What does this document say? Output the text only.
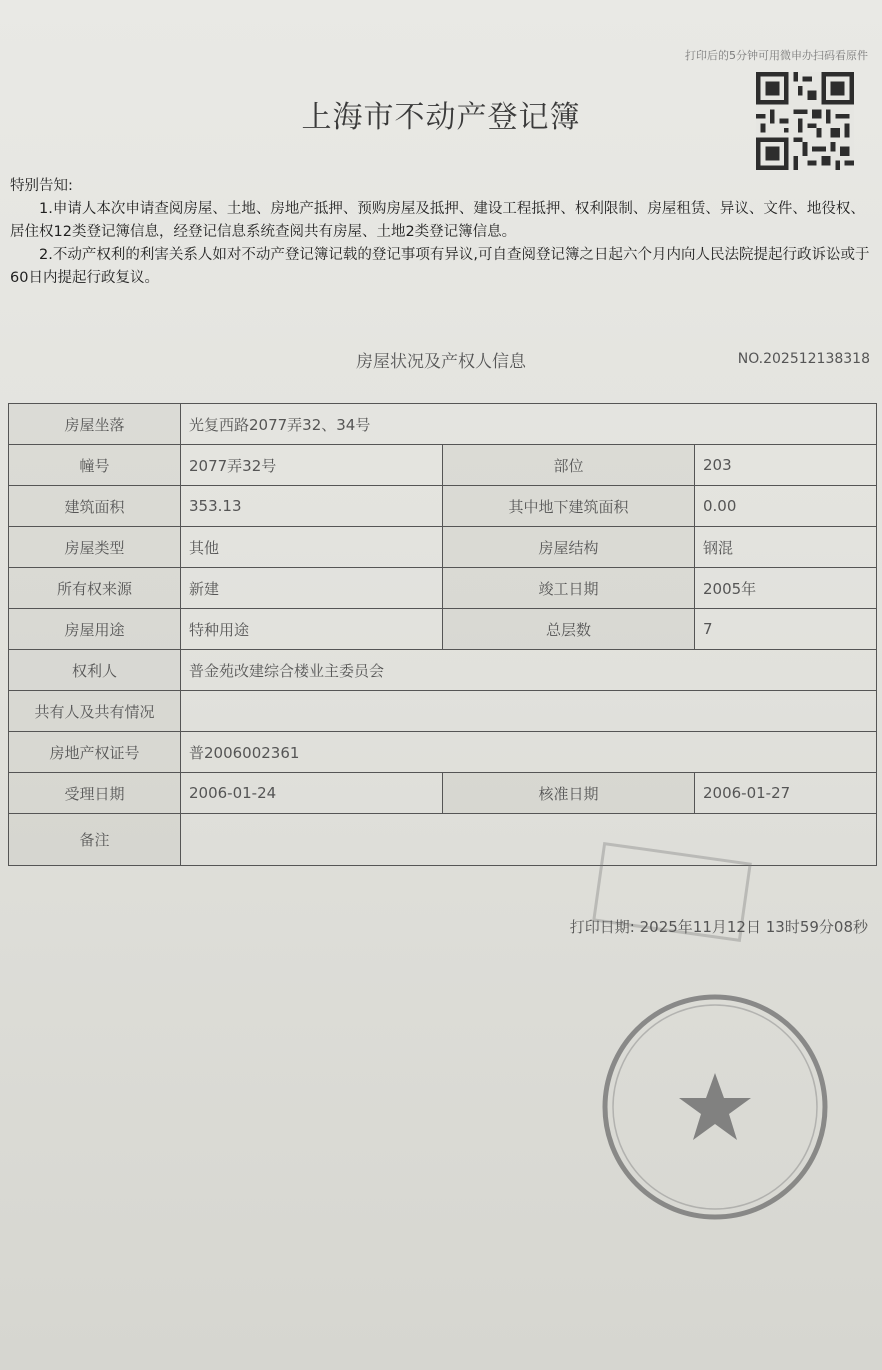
打印后的5分钟可用微申办扫码看原件
上海市不动产登记簿

特别告知:

1.申请人本次申请查阅房屋、土地、房地产抵押、预购房屋及抵押、建设工程抵押、权利限制、房屋租赁、异议、文件、地役权、居住权12类登记簿信息，经登记信息系统查阅共有房屋、土地2类登记簿信息。

2.不动产权利的利害关系人如对不动产登记簿记载的登记事项有异议,可自查阅登记簿之日起六个月内向人民法院提起行政诉讼或于60日内提起行政复议。

房屋状况及产权人信息	NO.202512138318
房屋坐落	光复西路2077弄32、34号		
幢号	2077弄32号	部位	203
建筑面积	353.13	其中地下建筑面积	0.00
房屋类型	其他	房屋结构	钢混
所有权来源	新建	竣工日期	2005年
房屋用途	特种用途	总层数	7
权利人	普金苑改建综合楼业主委员会		
共有人及共有情况			
房地产权证号	普2006002361		
受理日期	2006-01-24	核准日期	2006-01-27
备注			
打印日期: 2025年11月12日 13时59分08秒
